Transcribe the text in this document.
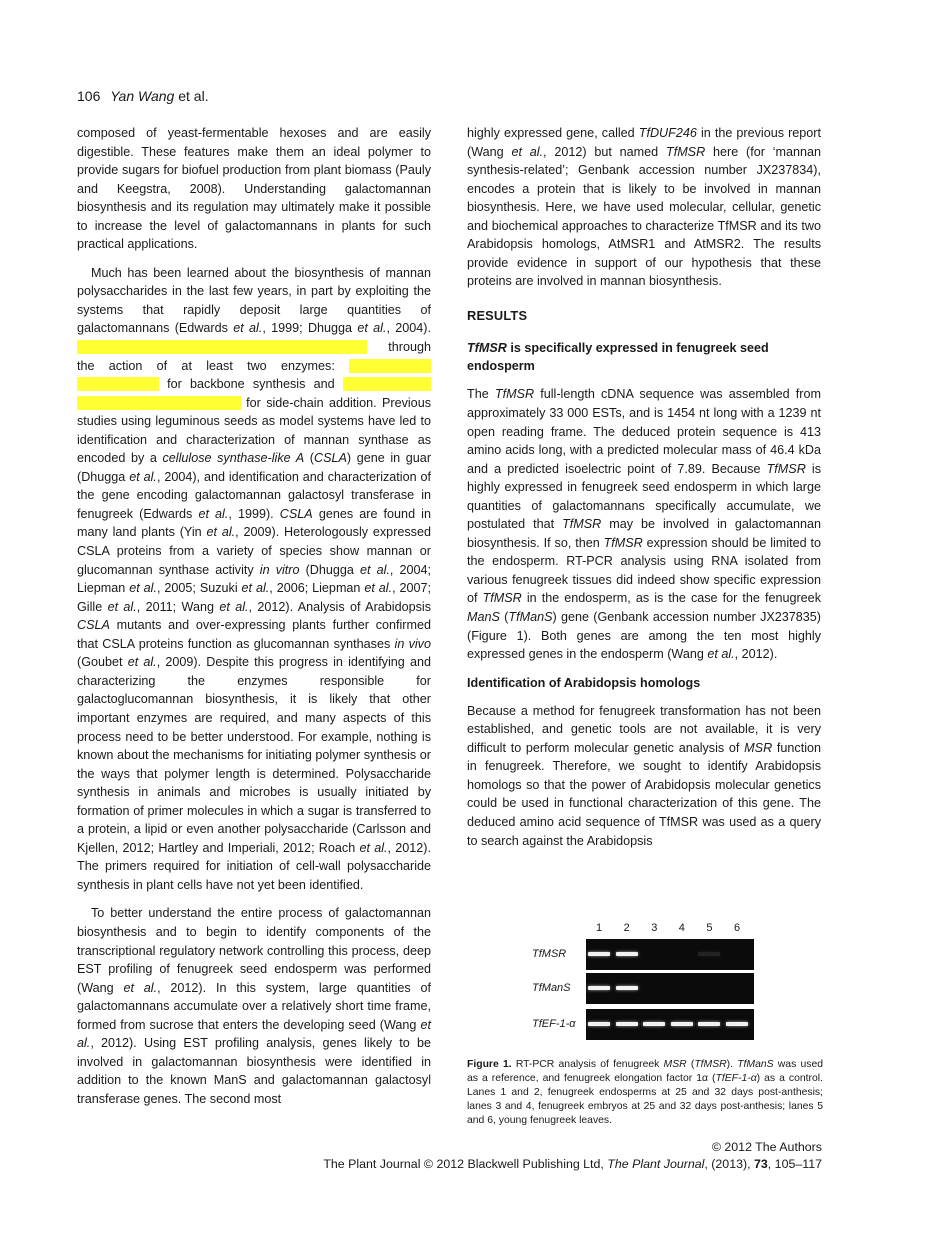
106 Yan Wang et al.

composed of yeast-fermentable hexoses and are easily digestible. These features make them an ideal polymer to provide sugars for biofuel production from plant biomass (Pauly and Keegstra, 2008). Understanding galactomannan biosynthesis and its regulation may ultimately make it possible to increase the level of galactomannans in plants for such practical applications.

Much has been learned about the biosynthesis of mannan polysaccharides in the last few years, in part by exploiting the systems that rapidly deposit large quantities of galactomannans (Edwards et al., 1999; Dhugga et al., 2004). xxxxxxxxxxxxxxxxxxxxxxxxxxxxxxxxxxxxxxxxxxxxxx through the action of at least two enzymes: xxxxxxxxxxxxx xxxxxxxxxxxxx for backbone synthesis and xxxxxxxxxxxxxx xxxxxxxxxxxxxxxxxxxxxxxxxx for side-chain addition. Previous studies using leguminous seeds as model systems have led to identification and characterization of mannan synthase as encoded by a cellulose synthase-like A (CSLA) gene in guar (Dhugga et al., 2004), and identification and characterization of the gene encoding galactomannan galactosyl transferase in fenugreek (Edwards et al., 1999). CSLA genes are found in many land plants (Yin et al., 2009). Heterologously expressed CSLA proteins from a variety of species show mannan or glucomannan synthase activity in vitro (Dhugga et al., 2004; Liepman et al., 2005; Suzuki et al., 2006; Liepman et al., 2007; Gille et al., 2011; Wang et al., 2012). Analysis of Arabidopsis CSLA mutants and over-expressing plants further confirmed that CSLA proteins function as glucomannan synthases in vivo (Goubet et al., 2009). Despite this progress in identifying and characterizing the enzymes responsible for galactoglucomannan biosynthesis, it is likely that other important enzymes are required, and many aspects of this process need to be better understood. For example, nothing is known about the mechanisms for initiating polymer synthesis or the ways that polymer length is determined. Polysaccharide synthesis in animals and microbes is usually initiated by formation of primer molecules in which a sugar is transferred to a protein, a lipid or even another polysaccharide (Carlsson and Kjellen, 2012; Hartley and Imperiali, 2012; Roach et al., 2012). The primers required for initiation of cell-wall polysaccharide synthesis in plant cells have not yet been identified.

To better understand the entire process of galactomannan biosynthesis and to begin to identify components of the transcriptional regulatory network controlling this process, deep EST profiling of fenugreek seed endosperm was performed (Wang et al., 2012). In this system, large quantities of galactomannans accumulate over a relatively short time frame, formed from sucrose that enters the developing seed (Wang et al., 2012). Using EST profiling analysis, genes likely to be involved in galactomannan biosynthesis were identified in addition to the known ManS and galactomannan galactosyl transferase genes. The second most

highly expressed gene, called TfDUF246 in the previous report (Wang et al., 2012) but named TfMSR here (for ‘mannan synthesis-related’; Genbank accession number JX237834), encodes a protein that is likely to be involved in mannan biosynthesis. Here, we have used molecular, cellular, genetic and biochemical approaches to characterize TfMSR and its two Arabidopsis homologs, AtMSR1 and AtMSR2. The results provide evidence in support of our hypothesis that these proteins are involved in mannan biosynthesis.

RESULTS
TfMSR is specifically expressed in fenugreek seed endosperm

The TfMSR full-length cDNA sequence was assembled from approximately 33 000 ESTs, and is 1454 nt long with a 1239 nt open reading frame. The deduced protein sequence is 413 amino acids long, with a predicted molecular mass of 46.4 kDa and a predicted isoelectric point of 7.89. Because TfMSR is highly expressed in fenugreek seed endosperm in which large quantities of galactomannans specifically accumulate, we postulated that TfMSR may be involved in galactomannan biosynthesis. If so, then TfMSR expression should be limited to the endosperm. RT-PCR analysis using RNA isolated from various fenugreek tissues did indeed show specific expression of TfMSR in the endosperm, as is the case for the fenugreek ManS (TfManS) gene (Genbank accession number JX237835) (Figure 1). Both genes are among the ten most highly expressed genes in the endosperm (Wang et al., 2012).

Identification of Arabidopsis homologs

Because a method for fenugreek transformation has not been established, and genetic tools are not available, it is very difficult to perform molecular genetic analysis of MSR function in fenugreek. Therefore, we sought to identify Arabidopsis homologs so that the power of Arabidopsis molecular genetics could be used in functional characterization of this gene. The deduced amino acid sequence of TfMSR was used as a query to search against the Arabidopsis

1 2 3 4 5 6
TfMSR
TfManS
TfEF-1-α
Figure 1. RT-PCR analysis of fenugreek MSR (TfMSR). TfManS was used as a reference, and fenugreek elongation factor 1α (TfEF-1-α) as a control. Lanes 1 and 2, fenugreek endosperms at 25 and 32 days post-anthesis; lanes 3 and 4, fenugreek embryos at 25 and 32 days post-anthesis; lanes 5 and 6, young fenugreek leaves.
© 2012 The Authors
The Plant Journal © 2012 Blackwell Publishing Ltd, The Plant Journal, (2013), 73, 105–117
